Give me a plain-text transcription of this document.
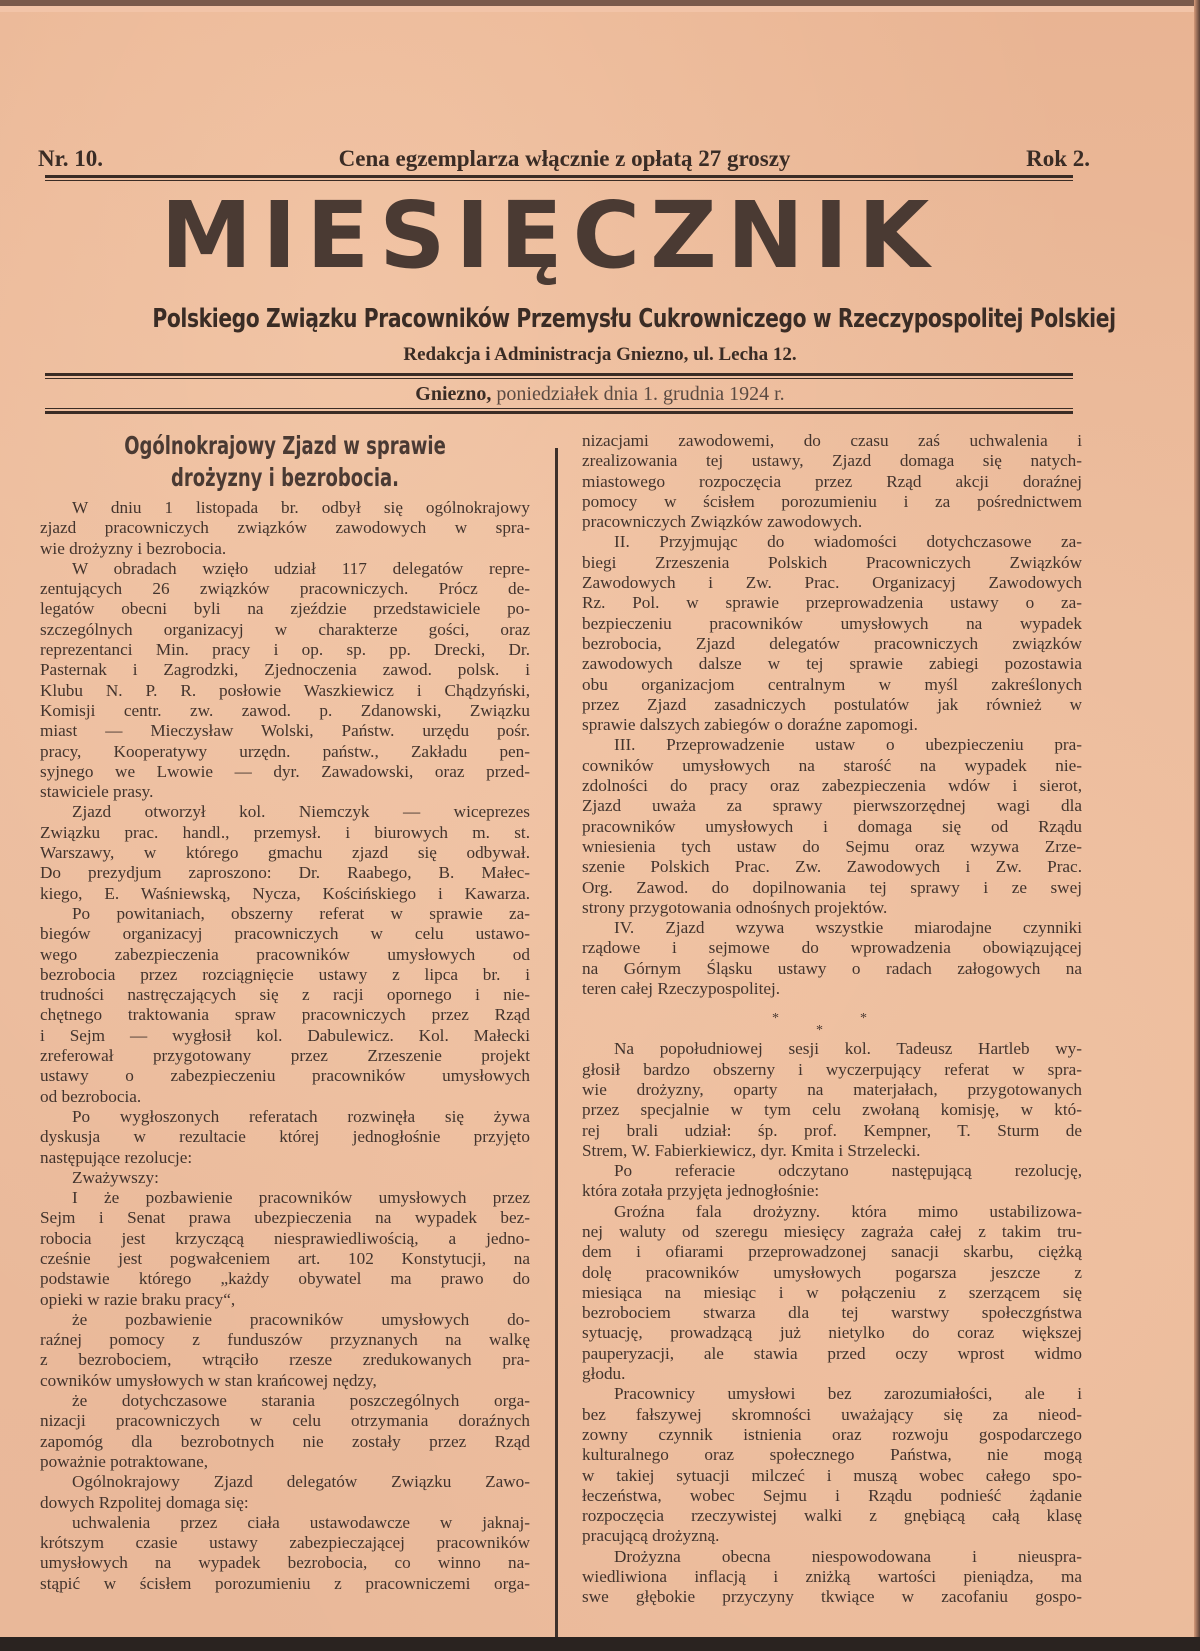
Nr. 10.	Cena egzemplarza włącznie z opłatą 27 groszy	Rok 2.
MIESIĘCZNIK
Polskiego Związku Pracowników Przemysłu Cukrowniczego w Rzeczypospolitej Polskiej
Redakcja i Administracja Gniezno, ul. Lecha 12.
Gniezno, poniedziałek dnia 1. grudnia 1924 r.
Ogólnokrajowy Zjazd w sprawie
drożyzny i bezrobocia.
W dniu 1 listopada br. odbył się ogólnokrajowy
zjazd pracowniczych związków zawodowych w spra-
wie drożyzny i bezrobocia.
W obradach wzięło udział 117 delegatów repre-
zentujących 26 związków pracowniczych. Prócz de-
legatów obecni byli na zjeździe przedstawiciele po-
szczególnych organizacyj w charakterze gości, oraz
reprezentanci Min. pracy i op. sp. pp. Drecki, Dr.
Pasternak i Zagrodzki, Zjednoczenia zawod. polsk. i
Klubu N. P. R. posłowie Waszkiewicz i Chądzyński,
Komisji centr. zw. zawod. p. Zdanowski, Związku
miast — Mieczysław Wolski, Państw. urzędu pośr.
pracy, Kooperatywy urzędn. państw., Zakładu pen-
syjnego we Lwowie — dyr. Zawadowski, oraz przed-
stawiciele prasy.
Zjazd otworzył kol. Niemczyk — wiceprezes
Związku prac. handl., przemysł. i biurowych m. st.
Warszawy, w którego gmachu zjazd się odbywał.
Do prezydjum zaproszono: Dr. Raabego, B. Małec-
kiego, E. Waśniewską, Nycza, Kościńskiego i Kawarza.
Po powitaniach, obszerny referat w sprawie za-
biegów organizacyj pracowniczych w celu ustawo-
wego zabezpieczenia pracowników umysłowych od
bezrobocia przez rozciągnięcie ustawy z lipca br. i
trudności nastręczających się z racji opornego i nie-
chętnego traktowania spraw pracowniczych przez Rząd
i Sejm — wygłosił kol. Dabulewicz. Kol. Małecki
zreferował przygotowany przez Zrzeszenie projekt
ustawy o zabezpieczeniu pracowników umysłowych
od bezrobocia.
Po wygłoszonych referatach rozwinęła się żywa
dyskusja w rezultacie której jednogłośnie przyjęto
następujące rezolucje:
Zważywszy:
I że pozbawienie pracowników umysłowych przez
Sejm i Senat prawa ubezpieczenia na wypadek bez-
robocia jest krzyczącą niesprawiedliwością, a jedno-
cześnie jest pogwałceniem art. 102 Konstytucji, na
podstawie którego „każdy obywatel ma prawo do
opieki w razie braku pracy“,
że pozbawienie pracowników umysłowych do-
raźnej pomocy z funduszów przyznanych na walkę
z bezrobociem, wtrąciło rzesze zredukowanych pra-
cowników umysłowych w stan krańcowej nędzy,
że dotychczasowe starania poszczególnych orga-
nizacji pracowniczych w celu otrzymania doraźnych
zapomóg dla bezrobotnych nie zostały przez Rząd
poważnie potraktowane,
Ogólnokrajowy Zjazd delegatów Związku Zawo-
dowych Rzpolitej domaga się:
uchwalenia przez ciała ustawodawcze w jaknaj-
krótszym czasie ustawy zabezpieczającej pracowników
umysłowych na wypadek bezrobocia, co winno na-
stąpić w ścisłem porozumieniu z pracowniczemi orga-
nizacjami zawodowemi, do czasu zaś uchwalenia i
zrealizowania tej ustawy, Zjazd domaga się natych-
miastowego rozpoczęcia przez Rząd akcji doraźnej
pomocy w ścisłem porozumieniu i za pośrednictwem
pracowniczych Związków zawodowych.
II. Przyjmując do wiadomości dotychczasowe za-
biegi Zrzeszenia Polskich Pracowniczych Związków
Zawodowych i Zw. Prac. Organizacyj Zawodowych
Rz. Pol. w sprawie przeprowadzenia ustawy o za-
bezpieczeniu pracowników umysłowych na wypadek
bezrobocia, Zjazd delegatów pracowniczych związków
zawodowych dalsze w tej sprawie zabiegi pozostawia
obu organizacjom centralnym w myśl zakreślonych
przez Zjazd zasadniczych postulatów jak również w
sprawie dalszych zabiegów o doraźne zapomogi.
III. Przeprowadzenie ustaw o ubezpieczeniu pra-
cowników umysłowych na starość na wypadek nie-
zdolności do pracy oraz zabezpieczenia wdów i sierot,
Zjazd uważa za sprawy pierwszorzędnej wagi dla
pracowników umysłowych i domaga się od Rządu
wniesienia tych ustaw do Sejmu oraz wzywa Zrze-
szenie Polskich Prac. Zw. Zawodowych i Zw. Prac.
Org. Zawod. do dopilnowania tej sprawy i ze swej
strony przygotowania odnośnych projektów.
IV. Zjazd wzywa wszystkie miarodajne czynniki
rządowe i sejmowe do wprowadzenia obowiązującej
na Górnym Śląsku ustawy o radach załogowych na
teren całej Rzeczypospolitej.
*	*
*
Na popołudniowej sesji kol. Tadeusz Hartleb wy-
głosił bardzo obszerny i wyczerpujący referat w spra-
wie drożyzny, oparty na materjałach, przygotowanych
przez specjalnie w tym celu zwołaną komisję, w któ-
rej brali udział: śp. prof. Kempner, T. Sturm de
Strem, W. Fabierkiewicz, dyr. Kmita i Strzelecki.
Po referacie odczytano następującą rezolucję,
która zotała przyjęta jednogłośnie:
Groźna fala drożyzny. która mimo ustabilizowa-
nej waluty od szeregu miesięcy zagraża całej z takim tru-
dem i ofiarami przeprowadzonej sanacji skarbu, ciężką
dolę pracowników umysłowych pogarsza jeszcze z
miesiąca na miesiąc i w połączeniu z szerzącem się
bezrobociem stwarza dla tej warstwy społeczgństwa
sytuację, prowadzącą już nietylko do coraz większej
pauperyzacji, ale stawia przed oczy wprost widmo
głodu.
Pracownicy umysłowi bez zarozumiałości, ale i
bez fałszywej skromności uważający się za nieod-
zowny czynnik istnienia oraz rozwoju gospodarczego
kulturalnego oraz społecznego Państwa, nie mogą
w takiej sytuacji milczeć i muszą wobec całego spo-
łeczeństwa, wobec Sejmu i Rządu podnieść żądanie
rozpoczęcia rzeczywistej walki z gnębiącą całą klasę
pracującą drożyzną.
Drożyzna obecna niespowodowana i nieuspra-
wiedliwiona inflacją i zniżką wartości pieniądza, ma
swe głębokie przyczyny tkwiące w zacofaniu gospo-
